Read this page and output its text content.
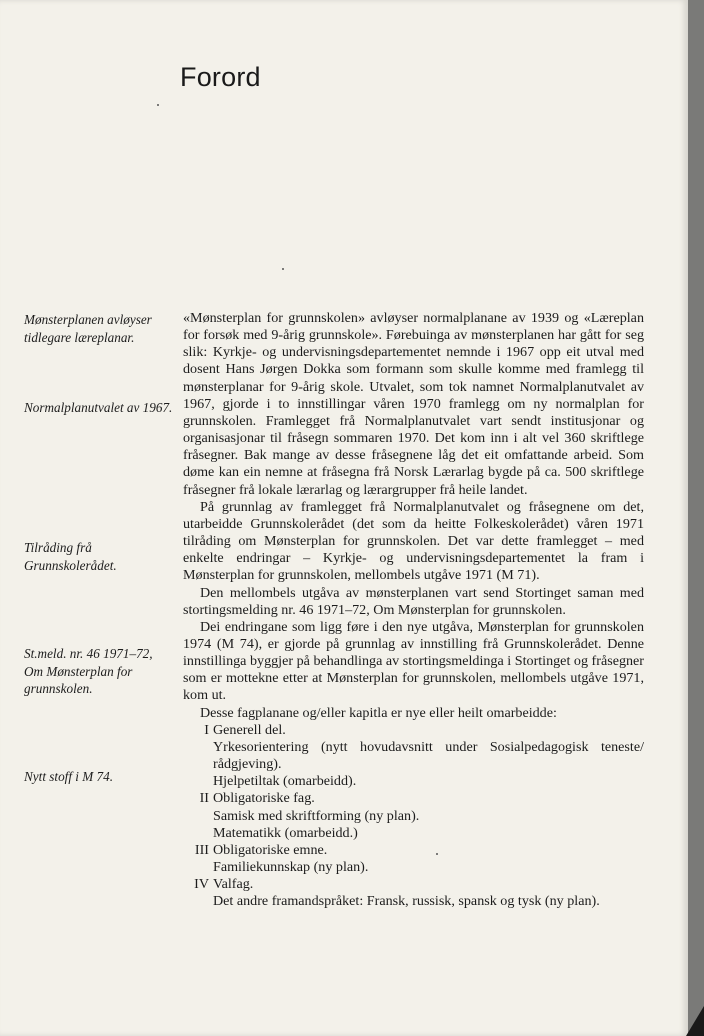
Forord
Mønsterplanen avløyser tidlegare læreplanar.
Normalplanutvalet av 1967.
Tilråding frå Grunnskolerådet.
St.meld. nr. 46 1971–72, Om Mønsterplan for grunnskolen.
Nytt stoff i M 74.

«Mønsterplan for grunnskolen» avløyser normalplanane av 1939 og «Læreplan for forsøk med 9-årig grunnskole». Førebuinga av mønsterplanen har gått for seg slik: Kyrkje- og undervisningsdepartementet nemnde i 1967 opp eit utval med dosent Hans Jørgen Dokka som formann som skulle komme med framlegg til mønsterplanar for 9-årig skole. Utvalet, som tok namnet Normalplanutvalet av 1967, gjorde i to innstillingar våren 1970 framlegg om ny normalplan for grunnskolen. Framlegget frå Normalplanutvalet vart sendt institusjonar og organisasjonar til fråsegn sommaren 1970. Det kom inn i alt vel 360 skriftlege fråsegner. Bak mange av desse fråsegnene låg det eit omfattande arbeid. Som døme kan ein nemne at fråsegna frå Norsk Lærarlag bygde på ca. 500 skriftlege fråsegner frå lokale lærarlag og lærargrupper frå heile landet.

På grunnlag av framlegget frå Normalplanutvalet og fråsegnene om det, utarbeidde Grunnskolerådet (det som da heitte Folkeskolerådet) våren 1971 tilråding om Mønsterplan for grunnskolen. Det var dette framlegget – med enkelte endringar – Kyrkje- og undervisningsdepartementet la fram i Mønsterplan for grunnskolen, mellombels utgåve 1971 (M 71).

Den mellombels utgåva av mønsterplanen vart send Stortinget saman med stortingsmelding nr. 46 1971–72, Om Mønsterplan for grunnskolen.

Dei endringane som ligg føre i den nye utgåva, Mønsterplan for grunnskolen 1974 (M 74), er gjorde på grunnlag av innstilling frå Grunnskolerådet. Denne innstillinga byggjer på behandlinga av stortingsmeldinga i Stortinget og fråsegner som er mottekne etter at Mønsterplan for grunnskolen, mellombels utgåve 1971, kom ut.

Desse fagplanane og/eller kapitla er nye eller heilt omarbeidde:

I Generell del.
Yrkesorientering (nytt hovudavsnitt under Sosialpedagogisk teneste/ rådgjeving).
Hjelpetiltak (omarbeidd).
II Obligatoriske fag.
Samisk med skriftforming (ny plan).
Matematikk (omarbeidd.)
III Obligatoriske emne.
Familiekunnskap (ny plan).
IV Valfag.
Det andre framandspråket: Fransk, russisk, spansk og tysk (ny plan).
